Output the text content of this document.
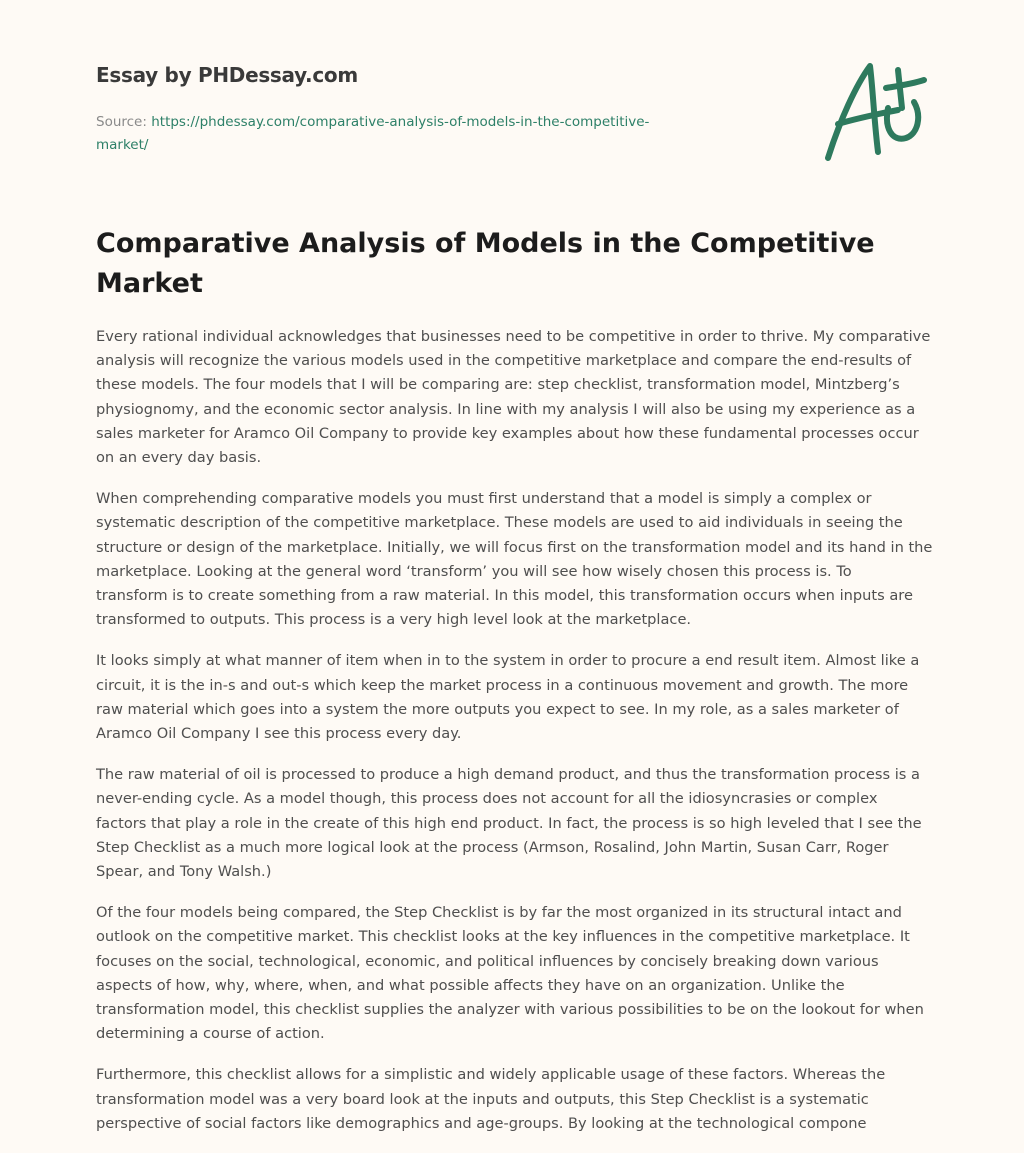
Essay by PHDessay.com
Source: https://phdessay.com/comparative-analysis-of-models-in-the-competitive-
market/
Comparative Analysis of Models in the Competitive
Market
Every rational individual acknowledges that businesses need to be competitive in order to thrive. My comparative
analysis will recognize the various models used in the competitive marketplace and compare the end-results of
these models. The four models that I will be comparing are: step checklist, transformation model, Mintzberg’s
physiognomy, and the economic sector analysis. In line with my analysis I will also be using my experience as a
sales marketer for Aramco Oil Company to provide key examples about how these fundamental processes occur
on an every day basis.
When comprehending comparative models you must first understand that a model is simply a complex or
systematic description of the competitive marketplace. These models are used to aid individuals in seeing the
structure or design of the marketplace. Initially, we will focus first on the transformation model and its hand in the
marketplace. Looking at the general word ‘transform’ you will see how wisely chosen this process is. To
transform is to create something from a raw material. In this model, this transformation occurs when inputs are
transformed to outputs. This process is a very high level look at the marketplace.
It looks simply at what manner of item when in to the system in order to procure a end result item. Almost like a
circuit, it is the in-s and out-s which keep the market process in a continuous movement and growth. The more
raw material which goes into a system the more outputs you expect to see. In my role, as a sales marketer of
Aramco Oil Company I see this process every day.
The raw material of oil is processed to produce a high demand product, and thus the transformation process is a
never-ending cycle. As a model though, this process does not account for all the idiosyncrasies or complex
factors that play a role in the create of this high end product. In fact, the process is so high leveled that I see the
Step Checklist as a much more logical look at the process (Armson, Rosalind, John Martin, Susan Carr, Roger
Spear, and Tony Walsh.)
Of the four models being compared, the Step Checklist is by far the most organized in its structural intact and
outlook on the competitive market. This checklist looks at the key influences in the competitive marketplace. It
focuses on the social, technological, economic, and political influences by concisely breaking down various
aspects of how, why, where, when, and what possible affects they have on an organization. Unlike the
transformation model, this checklist supplies the analyzer with various possibilities to be on the lookout for when
determining a course of action.
Furthermore, this checklist allows for a simplistic and widely applicable usage of these factors. Whereas the
transformation model was a very board look at the inputs and outputs, this Step Checklist is a systematic
perspective of social factors like demographics and age-groups. By looking at the technological compone
